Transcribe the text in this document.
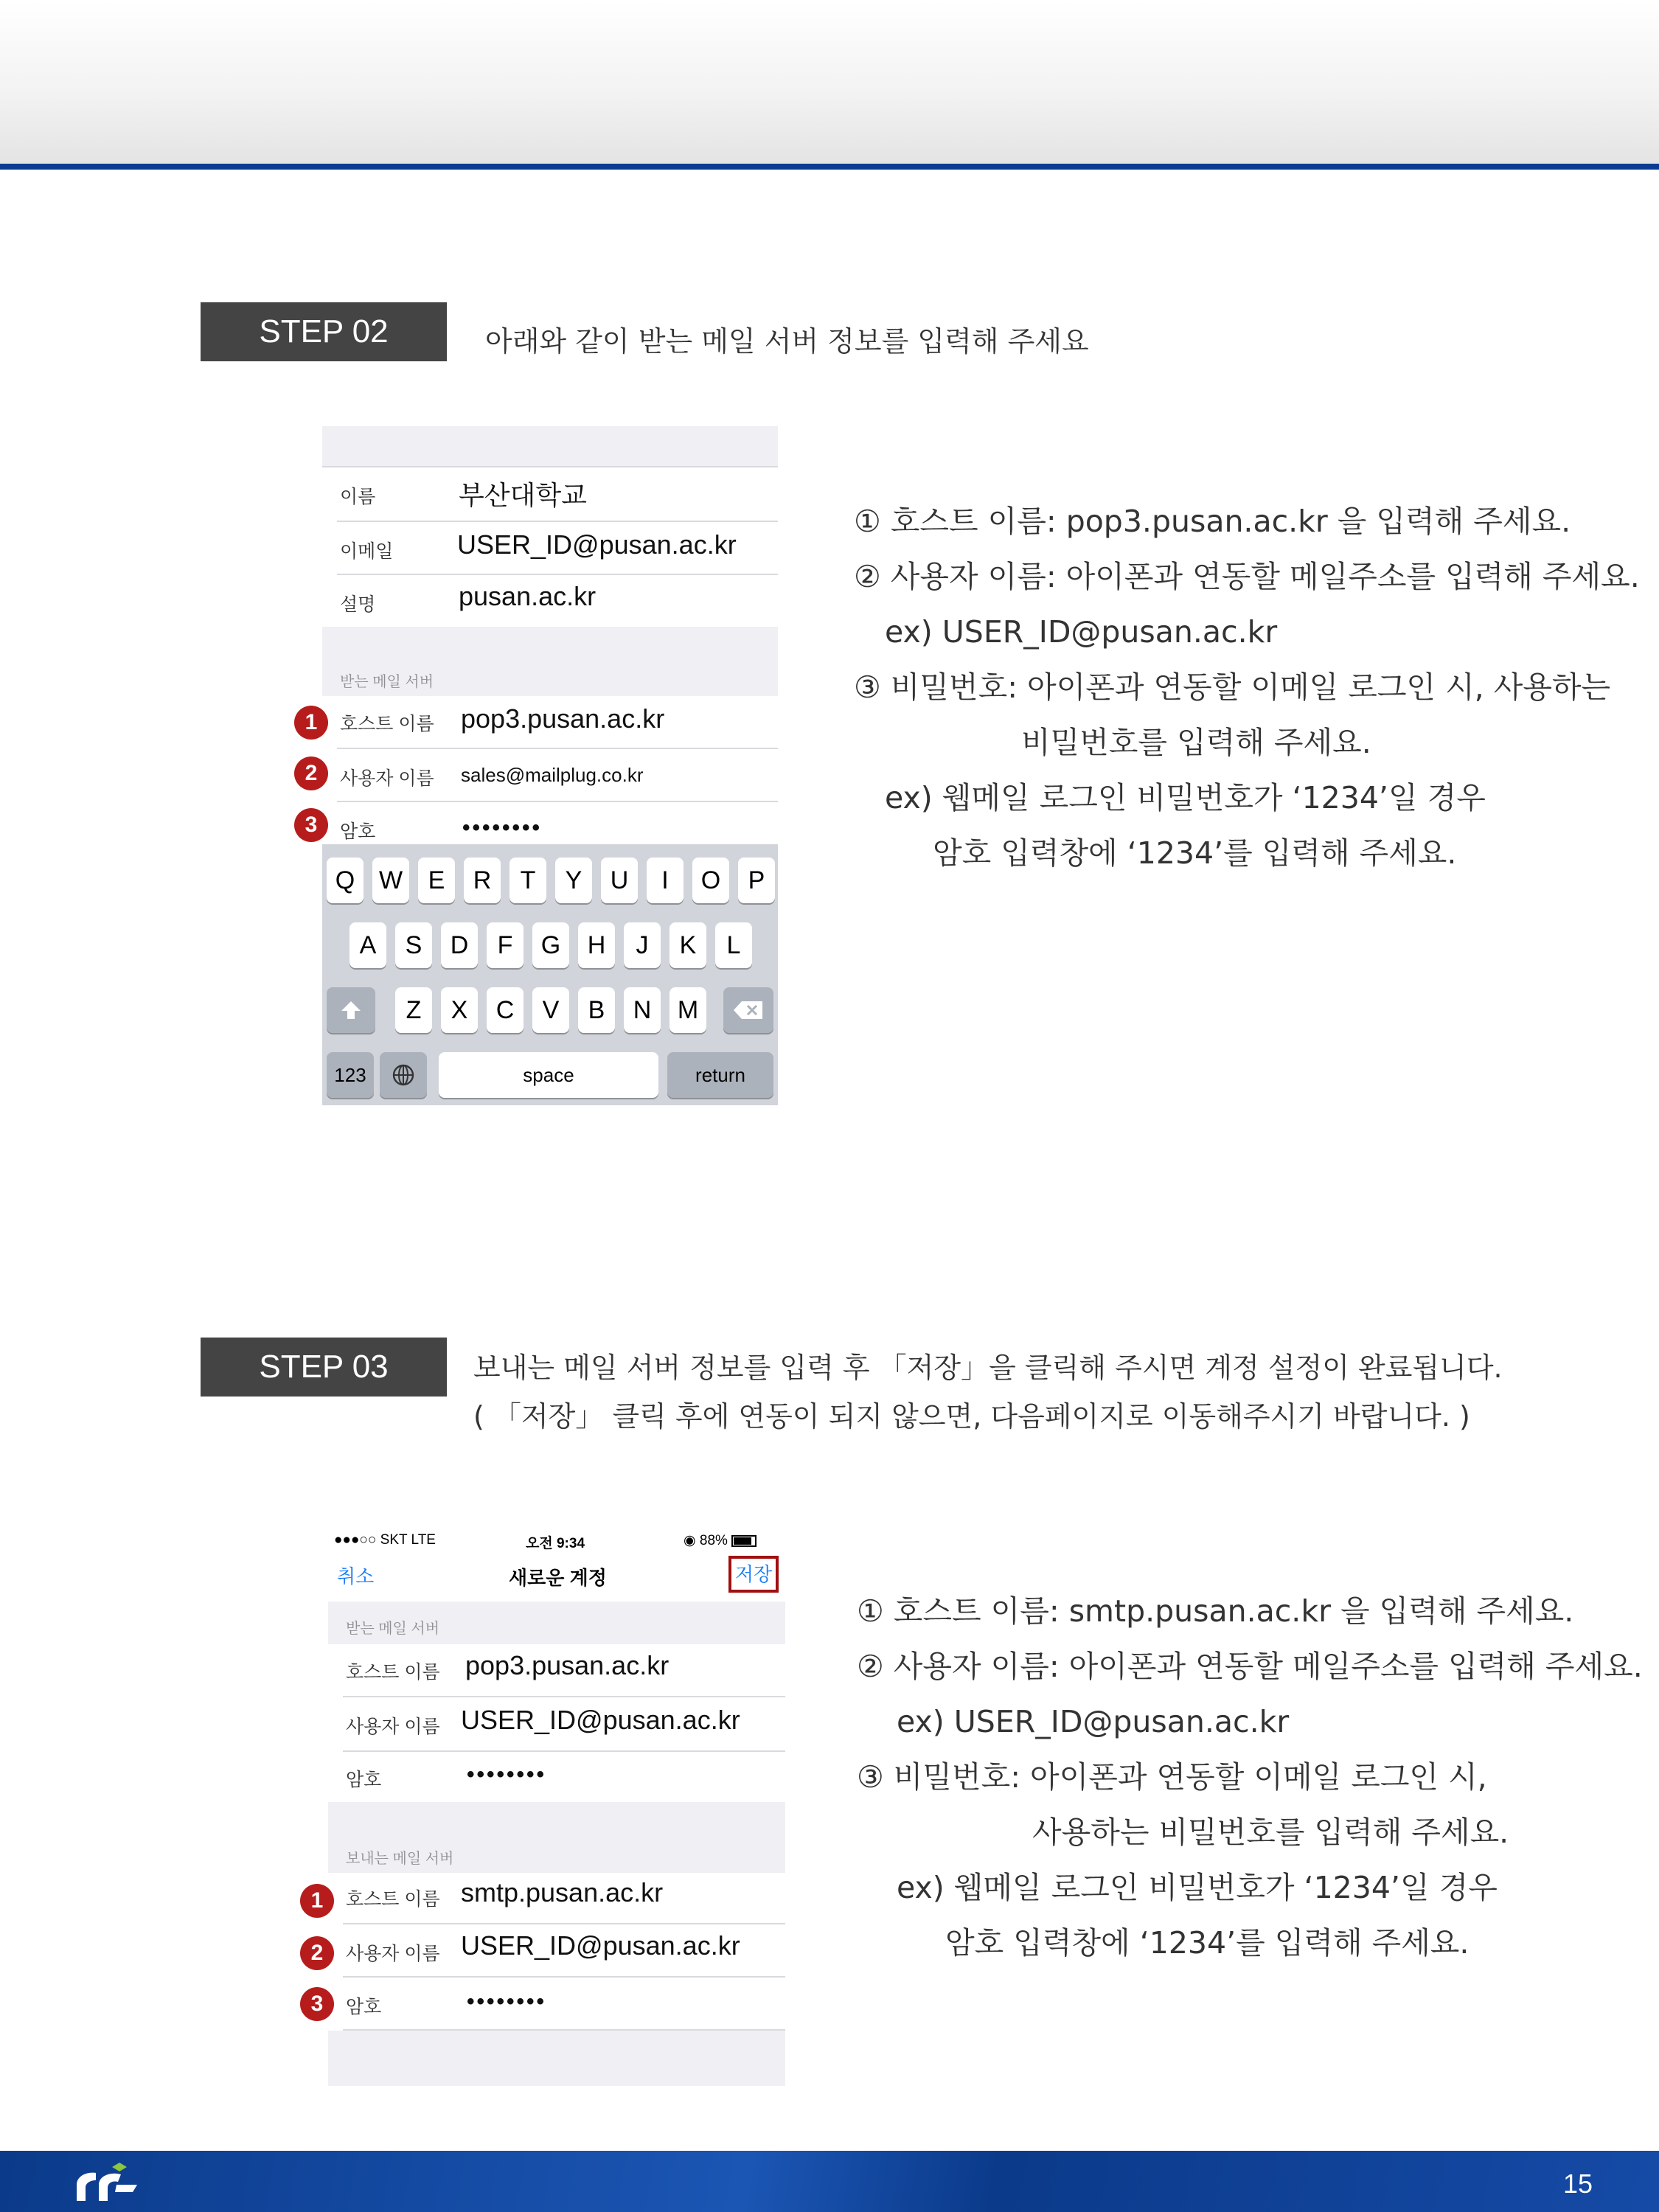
STEP 02	아래와 같이 받는 메일 서버 정보를 입력해 주세요
이름	부산대학교
이메일 USER_ID@pusan.ac.kr
설명	pusan.ac.kr
받는 메일 서버
호스트 이름 pop3.pusan.ac.kr
사용자 이름 sales@mailplug.co.kr
암호	••••••••
Q W	E	R	T	Y	U	I	O	P
A	S	D	F	G	H	J	K	L
Z	X	C	V	B	N	M
123	space	return
1
2
3
① 호스트 이름: pop3.pusan.ac.kr 을 입력해 주세요.
② 사용자 이름: 아이폰과 연동할 메일주소를 입력해 주세요.
ex) USER_ID@pusan.ac.kr
③ 비밀번호: 아이폰과 연동할 이메일 로그인 시, 사용하는
비밀번호를 입력해 주세요.
ex) 웹메일 로그인 비밀번호가 ‘1234’일 경우
암호 입력창에 ‘1234’를 입력해 주세요.
STEP 03	보내는 메일 서버 정보를 입력 후 「저장」을 클릭해 주시면 계정 설정이 완료됩니다.
( 「저장」 클릭 후에 연동이 되지 않으면, 다음페이지로 이동해주시기 바랍니다. )
●●●○○ SKT LTE	오전 9:34	◉ 88%
취소	새로운 계정	저장
받는 메일 서버
호스트 이름 pop3.pusan.ac.kr
사용자 이름 USER_ID@pusan.ac.kr
암호	••••••••
보내는 메일 서버
호스트 이름 smtp.pusan.ac.kr
사용자 이름 USER_ID@pusan.ac.kr
암호	••••••••
1
2
3
① 호스트 이름: smtp.pusan.ac.kr 을 입력해 주세요.
② 사용자 이름: 아이폰과 연동할 메일주소를 입력해 주세요.
ex) USER_ID@pusan.ac.kr
③ 비밀번호: 아이폰과 연동할 이메일 로그인 시,
사용하는 비밀번호를 입력해 주세요.
ex) 웹메일 로그인 비밀번호가 ‘1234’일 경우
암호 입력창에 ‘1234’를 입력해 주세요.
15
